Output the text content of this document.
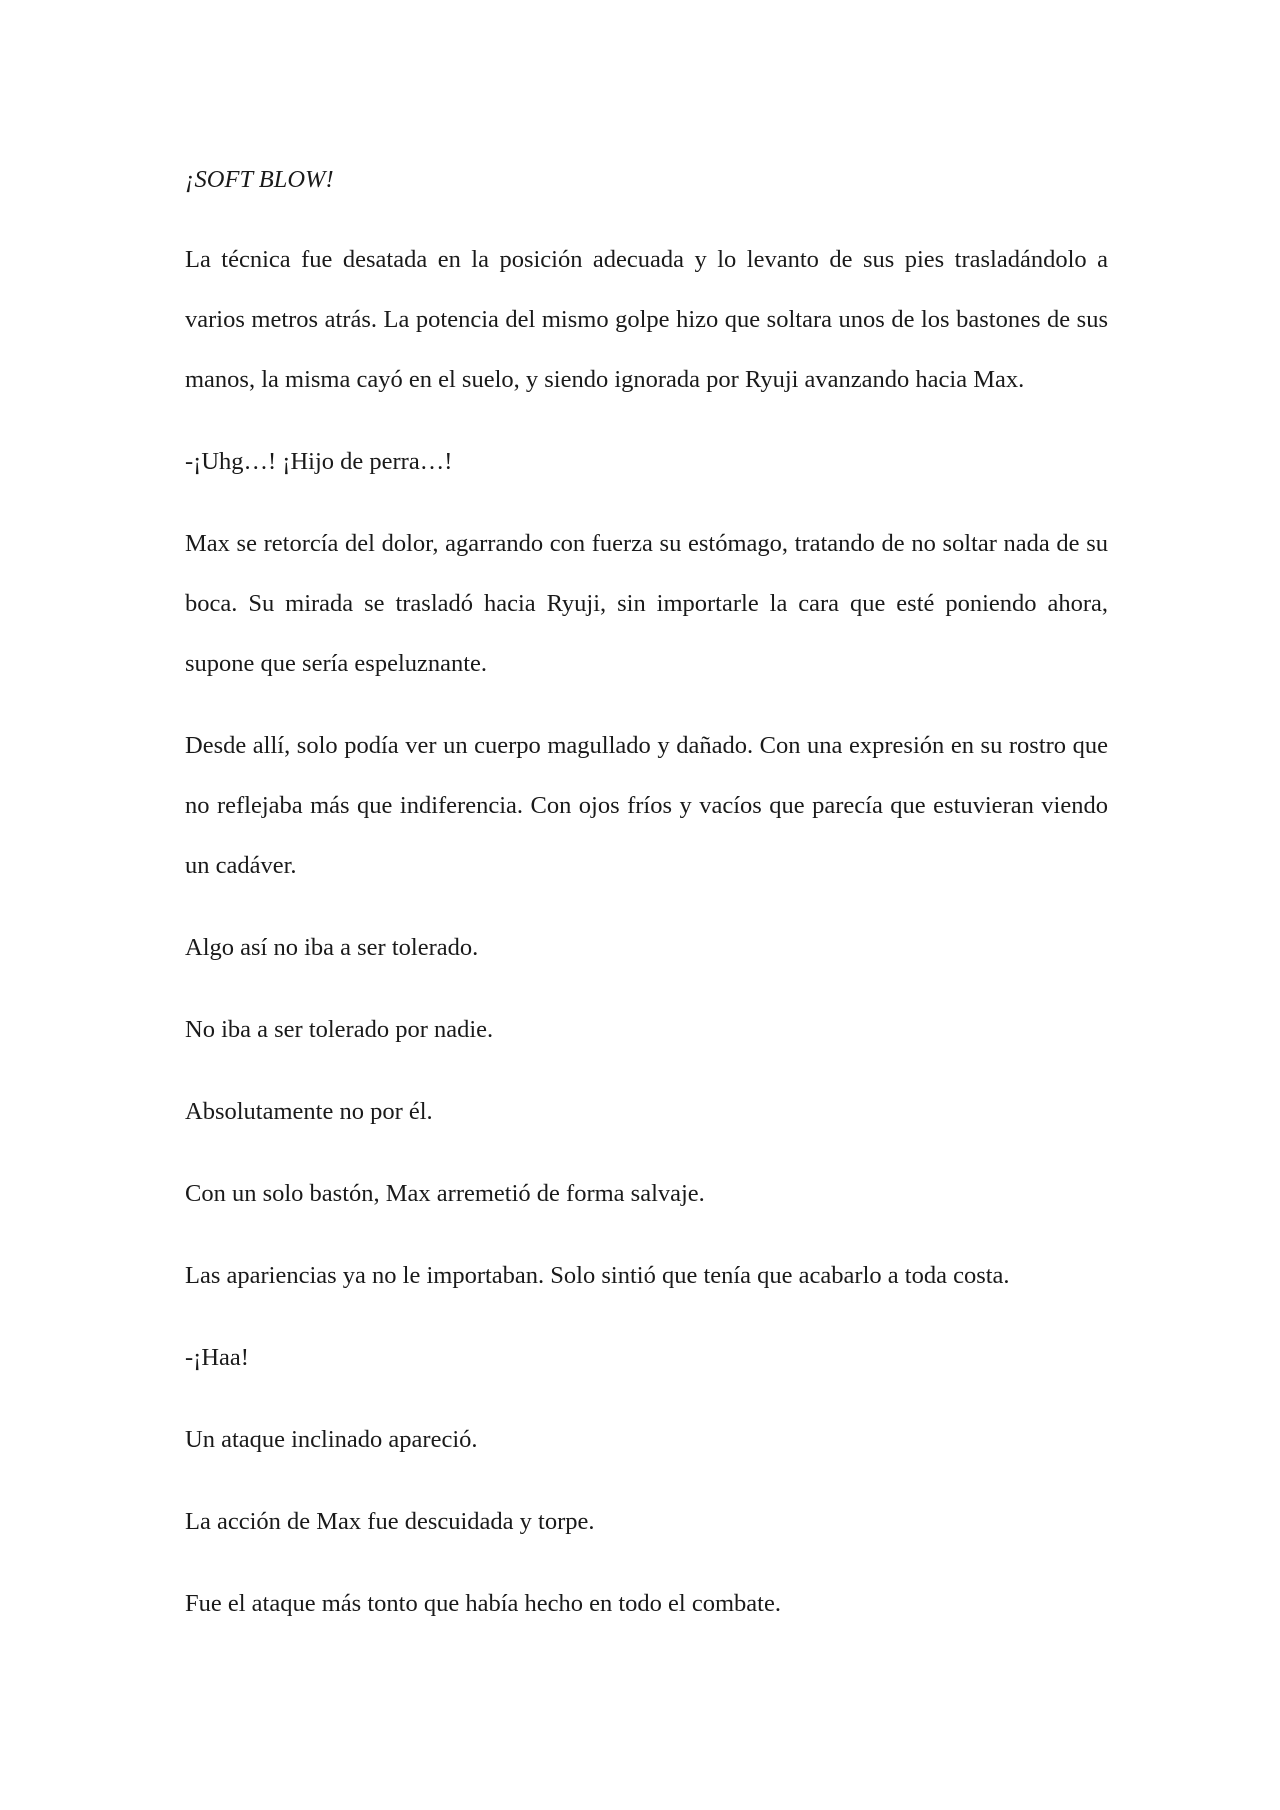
¡SOFT BLOW!

La técnica fue desatada en la posición adecuada y lo levanto de sus pies trasladándolo a varios metros atrás. La potencia del mismo golpe hizo que soltara unos de los bastones de sus manos, la misma cayó en el suelo, y siendo ignorada por Ryuji avanzando hacia Max.

-¡Uhg…! ¡Hijo de perra…!

Max se retorcía del dolor, agarrando con fuerza su estómago, tratando de no soltar nada de su boca. Su mirada se trasladó hacia Ryuji, sin importarle la cara que esté poniendo ahora, supone que sería espeluznante.

Desde allí, solo podía ver un cuerpo magullado y dañado. Con una expresión en su rostro que no reflejaba más que indiferencia. Con ojos fríos y vacíos que parecía que estuvieran viendo un cadáver.

Algo así no iba a ser tolerado.

No iba a ser tolerado por nadie.

Absolutamente no por él.

Con un solo bastón, Max arremetió de forma salvaje.

Las apariencias ya no le importaban. Solo sintió que tenía que acabarlo a toda costa.

-¡Haa!

Un ataque inclinado apareció.

La acción de Max fue descuidada y torpe.

Fue el ataque más tonto que había hecho en todo el combate.
